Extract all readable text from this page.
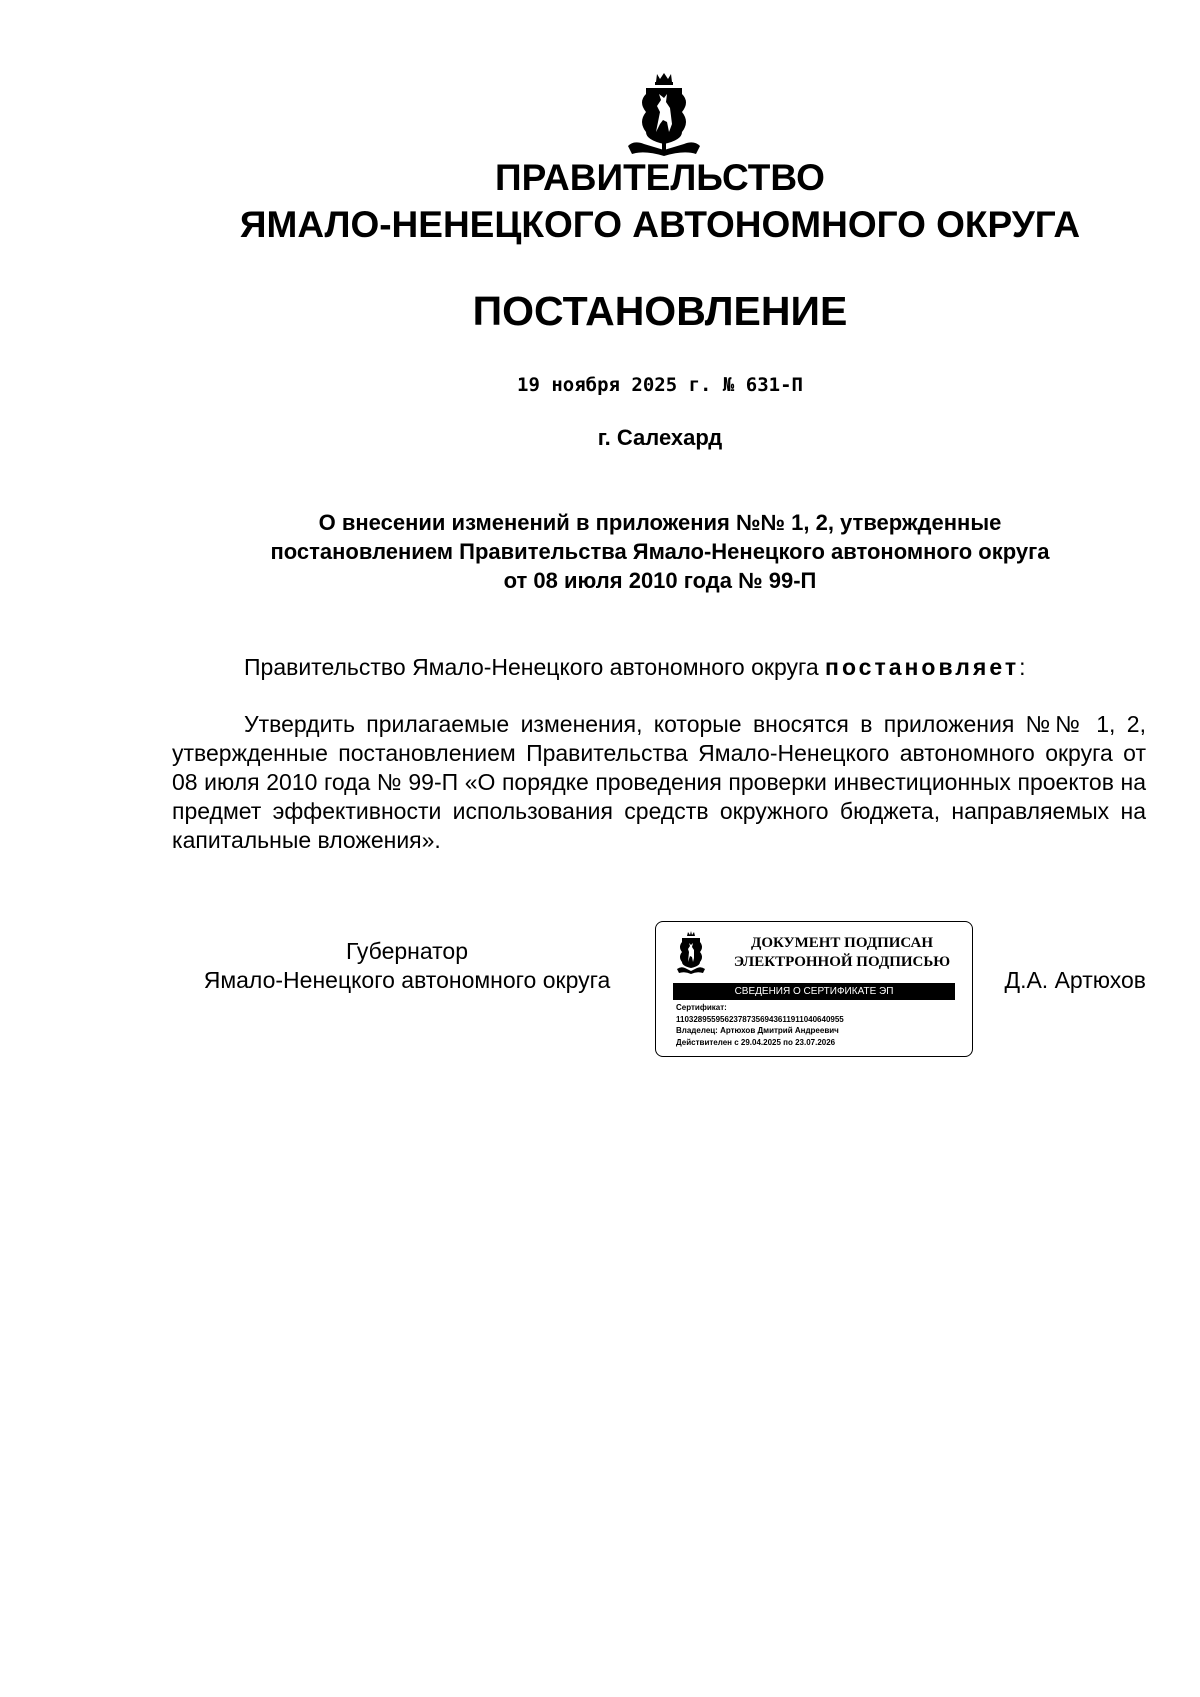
ПРАВИТЕЛЬСТВО
ЯМАЛО-НЕНЕЦКОГО АВТОНОМНОГО ОКРУГА
ПОСТАНОВЛЕНИЕ
19 ноября 2025 г. № 631-П
г. Салехард
О внесении изменений в приложения №№ 1, 2, утвержденные
постановлением Правительства Ямало-Ненецкого автономного округа
от 08 июля 2010 года № 99-П
Правительство Ямало-Ненецкого автономного округа постановляет:
Утвердить прилагаемые изменения, которые вносятся в приложения №№ 1, 2, утвержденные постановлением Правительства Ямало-Ненецкого автономного округа от 08 июля 2010 года № 99-П «О порядке проведения проверки инвестиционных проектов на предмет эффективности использования средств окружного бюджета, направляемых на капитальные вложения».
Губернатор
Ямало-Ненецкого автономного округа
ДОКУМЕНТ ПОДПИСАН
ЭЛЕКТРОННОЙ ПОДПИСЬЮ
СВЕДЕНИЯ О СЕРТИФИКАТЕ ЭП
Сертификат:
11032895595623787356943611911040640955
Владелец: Артюхов Дмитрий Андреевич
Действителен с 29.04.2025 по 23.07.2026
Д.А. Артюхов
